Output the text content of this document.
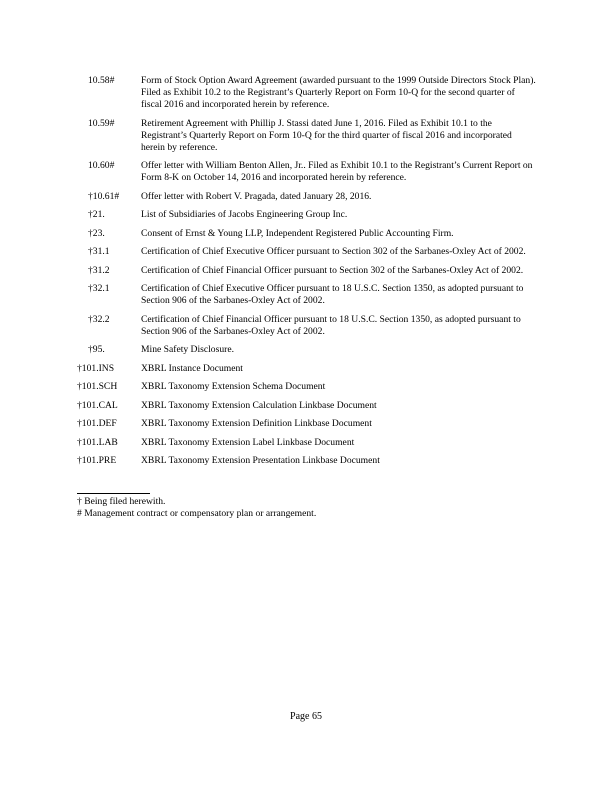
10.58#	Form of Stock Option Award Agreement (awarded pursuant to the 1999 Outside Directors Stock Plan). Filed as Exhibit 10.2 to the Registrant’s Quarterly Report on Form 10-Q for the second quarter of fiscal 2016 and incorporated herein by reference.
10.59#	Retirement Agreement with Phillip J. Stassi dated June 1, 2016. Filed as Exhibit 10.1 to the Registrant’s Quarterly Report on Form 10-Q for the third quarter of fiscal 2016 and incorporated herein by reference.
10.60#	Offer letter with William Benton Allen, Jr.. Filed as Exhibit 10.1 to the Registrant’s Current Report on Form 8-K on October 14, 2016 and incorporated herein by reference.
†10.61#	Offer letter with Robert V. Pragada, dated January 28, 2016.
†21.	List of Subsidiaries of Jacobs Engineering Group Inc.
†23.	Consent of Ernst & Young LLP, Independent Registered Public Accounting Firm.
†31.1	Certification of Chief Executive Officer pursuant to Section 302 of the Sarbanes-Oxley Act of 2002.
†31.2	Certification of Chief Financial Officer pursuant to Section 302 of the Sarbanes-Oxley Act of 2002.
†32.1	Certification of Chief Executive Officer pursuant to 18 U.S.C. Section 1350, as adopted pursuant to Section 906 of the Sarbanes-Oxley Act of 2002.
†32.2	Certification of Chief Financial Officer pursuant to 18 U.S.C. Section 1350, as adopted pursuant to Section 906 of the Sarbanes-Oxley Act of 2002.
†95.	Mine Safety Disclosure.
†101.INS	XBRL Instance Document
†101.SCH	XBRL Taxonomy Extension Schema Document
†101.CAL	XBRL Taxonomy Extension Calculation Linkbase Document
†101.DEF	XBRL Taxonomy Extension Definition Linkbase Document
†101.LAB	XBRL Taxonomy Extension Label Linkbase Document
†101.PRE	XBRL Taxonomy Extension Presentation Linkbase Document
† Being filed herewith.
# Management contract or compensatory plan or arrangement.
Page 65
